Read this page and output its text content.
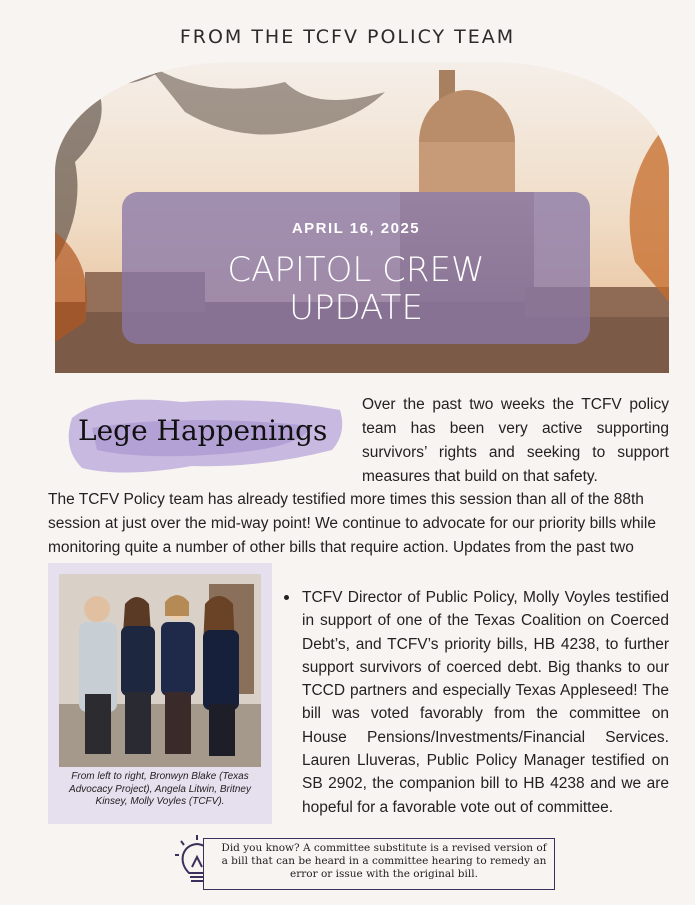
FROM THE TCFV POLICY TEAM
APRIL 16, 2025
CAPITOL CREW
UPDATE
Lege Happenings
Over the past two weeks the TCFV policy team has been very active supporting survivors’ rights and seeking to support measures that build on that safety.
The TCFV Policy team has already testified more times this session than all of the 88th session at just over the mid-way point! We continue to advocate for our priority bills while monitoring quite a number of other bills that require action. Updates from the past two
From left to right, Bronwyn Blake (Texas Advocacy Project), Angela Litwin, Britney Kinsey, Molly Voyles (TCFV).
TCFV Director of Public Policy, Molly Voyles testified in support of one of the Texas Coalition on Coerced Debt’s, and TCFV’s priority bills, HB 4238, to further support survivors of coerced debt. Big thanks to our TCCD partners and especially Texas Appleseed! The bill was voted favorably from the committee on House Pensions/Investments/Financial Services. Lauren Lluveras, Public Policy Manager testified on SB 2902, the companion bill to HB 4238 and we are hopeful for a favorable vote out of committee.
Did you know? A committee substitute is a revised version of a bill that can be heard in a committee hearing to remedy an error or issue with the original bill.
